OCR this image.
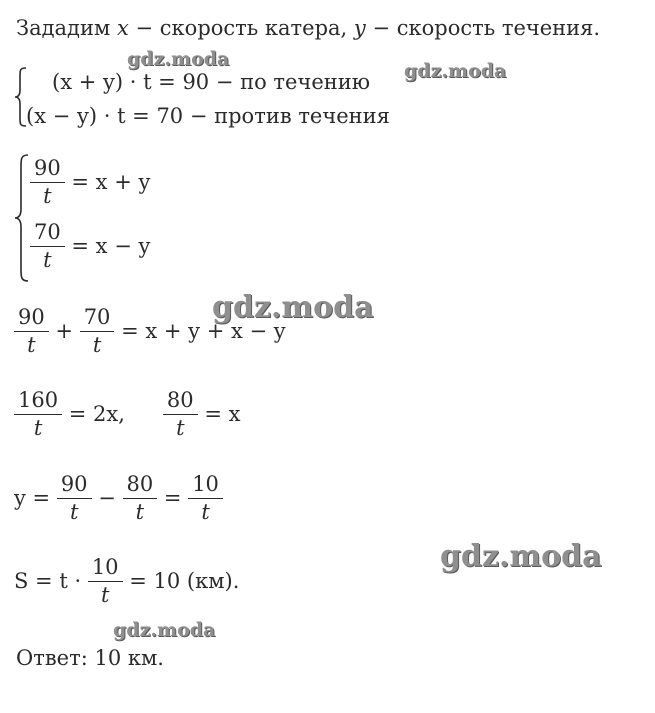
Зададим x − скорость катера, y − скорость течения.
(x + y) · t = 90 − по течению
(x − y) · t = 70 − против течения
$\frac{90}{t} = x + y$
$\frac{70}{t} = x - y$
$\frac{90}{t} + \frac{70}{t} = x + y + x - y$
$\frac{160}{t} = 2x$, $\frac{80}{t} = x$
$y = \frac{90}{t} - \frac{80}{t} = \frac{10}{t}$
$S = t \cdot \frac{10}{t} = 10$ (км).
Ответ: 10 км.
gdz.moda
gdz.moda
gdz.moda
gdz.moda
gdz.moda
